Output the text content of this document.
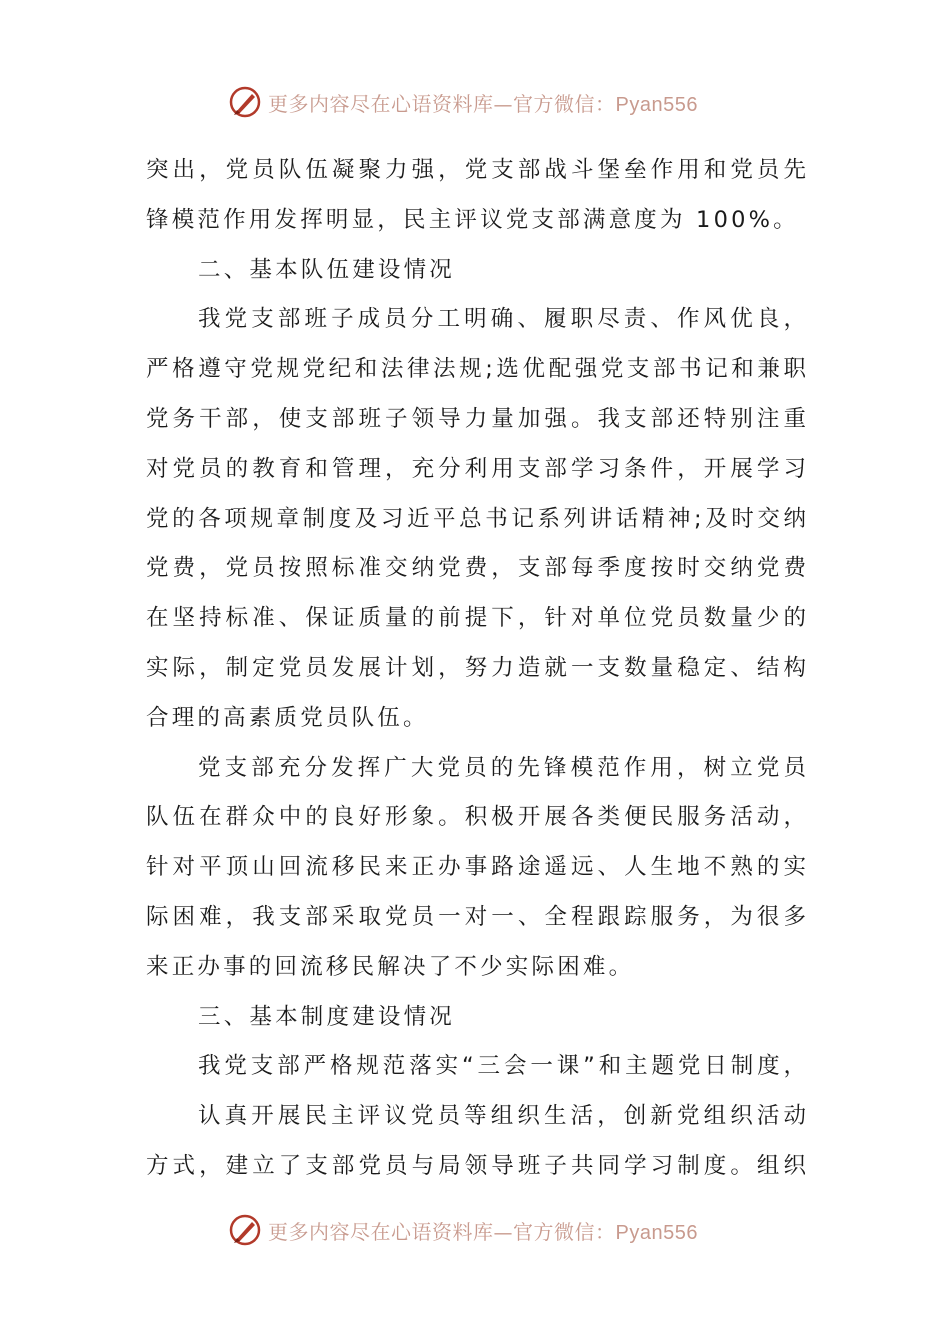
更多内容尽在心语资料库—官方微信：Pyan556
突出，党员队伍凝聚力强，党支部战斗堡垒作用和党员先
锋模范作用发挥明显，民主评议党支部满意度为 100%。
二、基本队伍建设情况
我党支部班子成员分工明确、履职尽责、作风优良，
严格遵守党规党纪和法律法规;选优配强党支部书记和兼职
党务干部，使支部班子领导力量加强。我支部还特别注重
对党员的教育和管理，充分利用支部学习条件，开展学习
党的各项规章制度及习近平总书记系列讲话精神;及时交纳
党费，党员按照标准交纳党费，支部每季度按时交纳党费
在坚持标准、保证质量的前提下，针对单位党员数量少的
实际，制定党员发展计划，努力造就一支数量稳定、结构
合理的高素质党员队伍。
党支部充分发挥广大党员的先锋模范作用，树立党员
队伍在群众中的良好形象。积极开展各类便民服务活动，
针对平顶山回流移民来正办事路途遥远、人生地不熟的实
际困难，我支部采取党员一对一、全程跟踪服务，为很多
来正办事的回流移民解决了不少实际困难。
三、基本制度建设情况
我党支部严格规范落实“三会一课”和主题党日制度，
认真开展民主评议党员等组织生活，创新党组织活动
方式，建立了支部党员与局领导班子共同学习制度。组织
更多内容尽在心语资料库—官方微信：Pyan556
